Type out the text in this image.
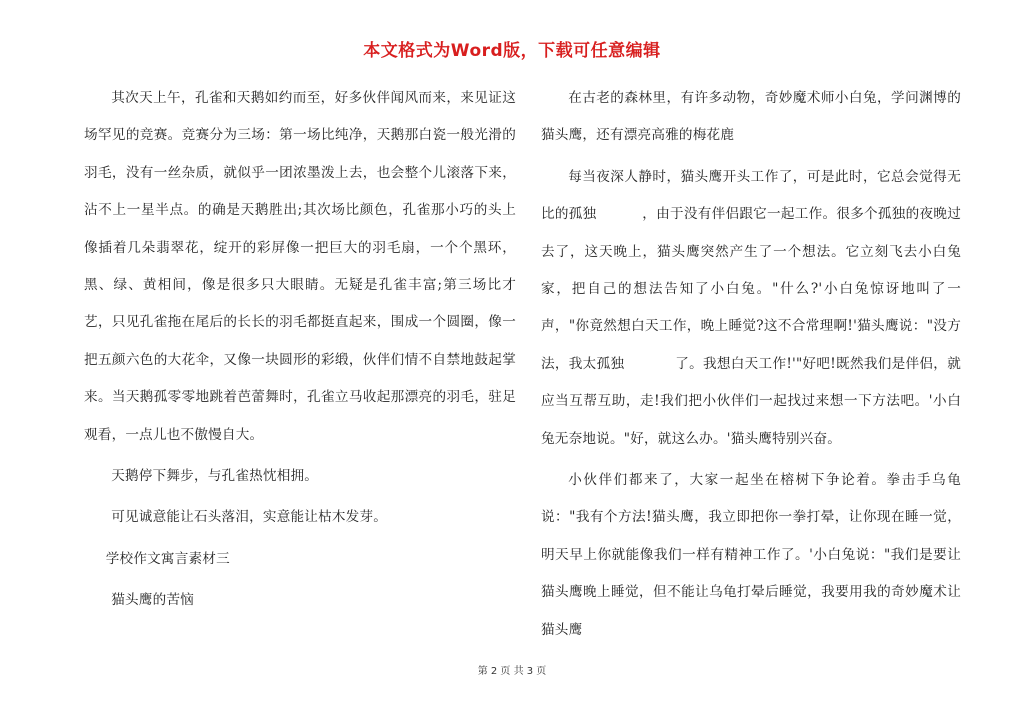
本文格式为Word版，下载可任意编辑

其次天上午，孔雀和天鹅如约而至，好多伙伴闻风而来，来见证这场罕见的竞赛。竞赛分为三场：第一场比纯净，天鹅那白瓷一般光滑的羽毛，没有一丝杂质，就似乎一团浓墨泼上去，也会整个儿滚落下来，沾不上一星半点。的确是天鹅胜出;其次场比颜色，孔雀那小巧的头上像插着几朵翡翠花，绽开的彩屏像一把巨大的羽毛扇，一个个黑环，黑、绿、黄相间，像是很多只大眼睛。无疑是孔雀丰富;第三场比才艺，只见孔雀拖在尾后的长长的羽毛都挺直起来，围成一个圆圈，像一把五颜六色的大花伞，又像一块圆形的彩缎，伙伴们情不自禁地鼓起掌来。当天鹅孤零零地跳着芭蕾舞时，孔雀立马收起那漂亮的羽毛，驻足观看，一点儿也不傲慢自大。

天鹅停下舞步，与孔雀热忱相拥。

可见诚意能让石头落泪，实意能让枯木发芽。

学校作文寓言素材三

猫头鹰的苦恼

在古老的森林里，有许多动物，奇妙魔术师小白兔，学问渊博的猫头鹰，还有漂亮高雅的梅花鹿

每当夜深人静时，猫头鹰开头工作了，可是此时，它总会觉得无比的孤独          ，由于没有伴侣跟它一起工作。很多个孤独的夜晚过去了，这天晚上，猫头鹰突然产生了一个想法。它立刻飞去小白兔家，把自己的想法告知了小白兔。"什么?'小白兔惊讶地叫了一声，"你竟然想白天工作，晚上睡觉?这不合常理啊!'猫头鹰说："没方法，我太孤独           了。我想白天工作!'"好吧!既然我们是伴侣，就应当互帮互助，走!我们把小伙伴们一起找过来想一下方法吧。'小白兔无奈地说。"好，就这么办。'猫头鹰特别兴奋。

小伙伴们都来了，大家一起坐在榕树下争论着。拳击手乌龟说："我有个方法!猫头鹰，我立即把你一拳打晕，让你现在睡一觉，明天早上你就能像我们一样有精神工作了。'小白兔说："我们是要让猫头鹰晚上睡觉，但不能让乌龟打晕后睡觉，我要用我的奇妙魔术让猫头鹰

第 2 页 共 3 页
